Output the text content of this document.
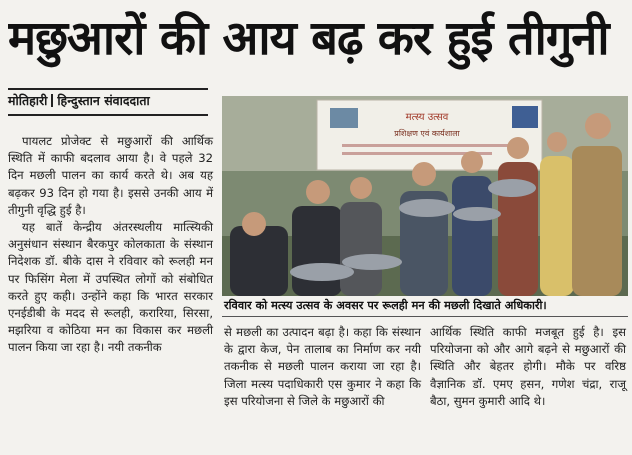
मछुआरों की आय बढ़ कर हुई तीगुनी
मोतिहारी हिन्दुस्तान संवाददाता

पायलट प्रोजेक्ट से मछुआरों की आर्थिक स्थिति में काफी बदलाव आया है। वे पहले 32 दिन मछली पालन का कार्य करते थे। अब यह बढ़कर 93 दिन हो गया है। इससे उनकी आय में तीगुनी वृद्धि हुई है।

यह बातें केन्द्रीय अंतरस्थलीय मात्स्यिकी अनुसंधान संस्थान बैरकपुर कोलकाता के संस्थान निदेशक डॉ. बीके दास ने रविवार को रूलही मन पर फिसिंग मेला में उपस्थित लोगों को संबोधित करते हुए कही। उन्होंने कहा कि भारत सरकार एनईडीबी के मदद से रूलही, करारिया, सिरसा, मझरिया व कोठिया मन का विकास कर मछली पालन किया जा रहा है। नयी तकनीक

मत्स्य उत्सव
प्रशिक्षण एवं कार्यशाला
रविवार को मत्स्य उत्सव के अवसर पर रूलही मन की मछली दिखाते अधिकारी।

से मछली का उत्पादन बढ़ा है। कहा कि संस्थान के द्वारा केज, पेन तालाब का निर्माण कर नयी तकनीक से मछली पालन कराया जा रहा है। जिला मत्स्य पदाधिकारी एस कुमार ने कहा कि इस परियोजना से जिले के मछुआरों की

आर्थिक स्थिति काफी मजबूत हुई है। इस परियोजना को और आगे बढ़ने से मछुआरों की स्थिति और बेहतर होगी। मौके पर वरिष्ठ वैज्ञानिक डॉ. एमए हसन, गणेश चंद्रा, राजू बैठा, सुमन कुमारी आदि थे।
